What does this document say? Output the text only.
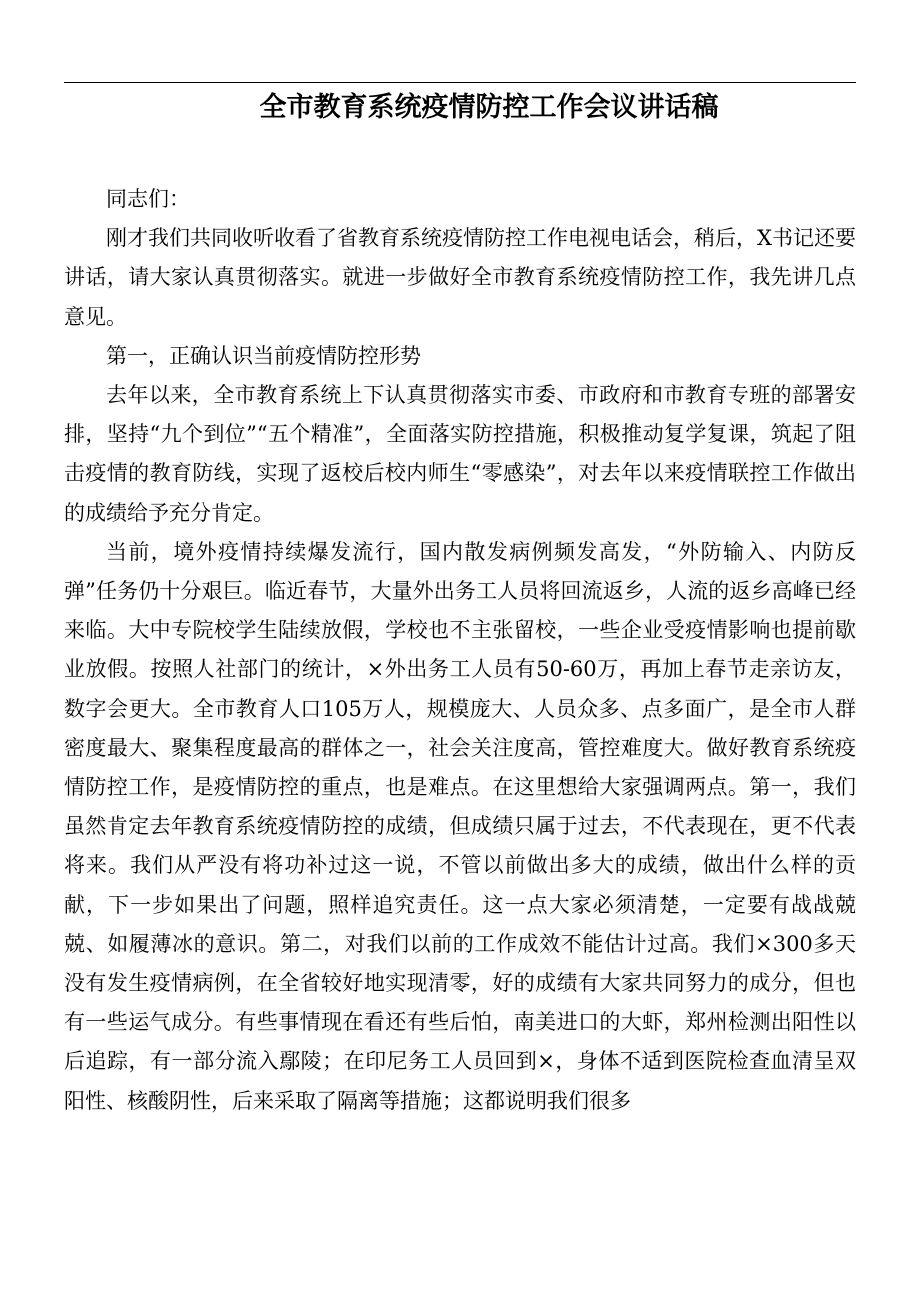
全市教育系统疫情防控工作会议讲话稿

同志们：

刚才我们共同收听收看了省教育系统疫情防控工作电视电话会，稍后，X书记还要讲话，请大家认真贯彻落实。就进一步做好全市教育系统疫情防控工作，我先讲几点意见。

第一，正确认识当前疫情防控形势

去年以来，全市教育系统上下认真贯彻落实市委、市政府和市教育专班的部署安排，坚持“九个到位”“五个精准”，全面落实防控措施，积极推动复学复课，筑起了阻击疫情的教育防线，实现了返校后校内师生“零感染”，对去年以来疫情联控工作做出的成绩给予充分肯定。

当前，境外疫情持续爆发流行，国内散发病例频发高发，“外防输入、内防反弹”任务仍十分艰巨。临近春节，大量外出务工人员将回流返乡，人流的返乡高峰已经来临。大中专院校学生陆续放假，学校也不主张留校，一些企业受疫情影响也提前歇业放假。按照人社部门的统计，×外出务工人员有50-60万，再加上春节走亲访友，数字会更大。全市教育人口105万人，规模庞大、人员众多、点多面广，是全市人群密度最大、聚集程度最高的群体之一，社会关注度高，管控难度大。做好教育系统疫情防控工作，是疫情防控的重点，也是难点。在这里想给大家强调两点。第一，我们虽然肯定去年教育系统疫情防控的成绩，但成绩只属于过去，不代表现在，更不代表将来。我们从严没有将功补过这一说，不管以前做出多大的成绩，做出什么样的贡献，下一步如果出了问题，照样追究责任。这一点大家必须清楚，一定要有战战兢兢、如履薄冰的意识。第二，对我们以前的工作成效不能估计过高。我们×300多天没有发生疫情病例，在全省较好地实现清零，好的成绩有大家共同努力的成分，但也有一些运气成分。有些事情现在看还有些后怕，南美进口的大虾，郑州检测出阳性以后追踪，有一部分流入鄢陵；在印尼务工人员回到×，身体不适到医院检查血清呈双阳性、核酸阴性，后来采取了隔离等措施；这都说明我们很多
